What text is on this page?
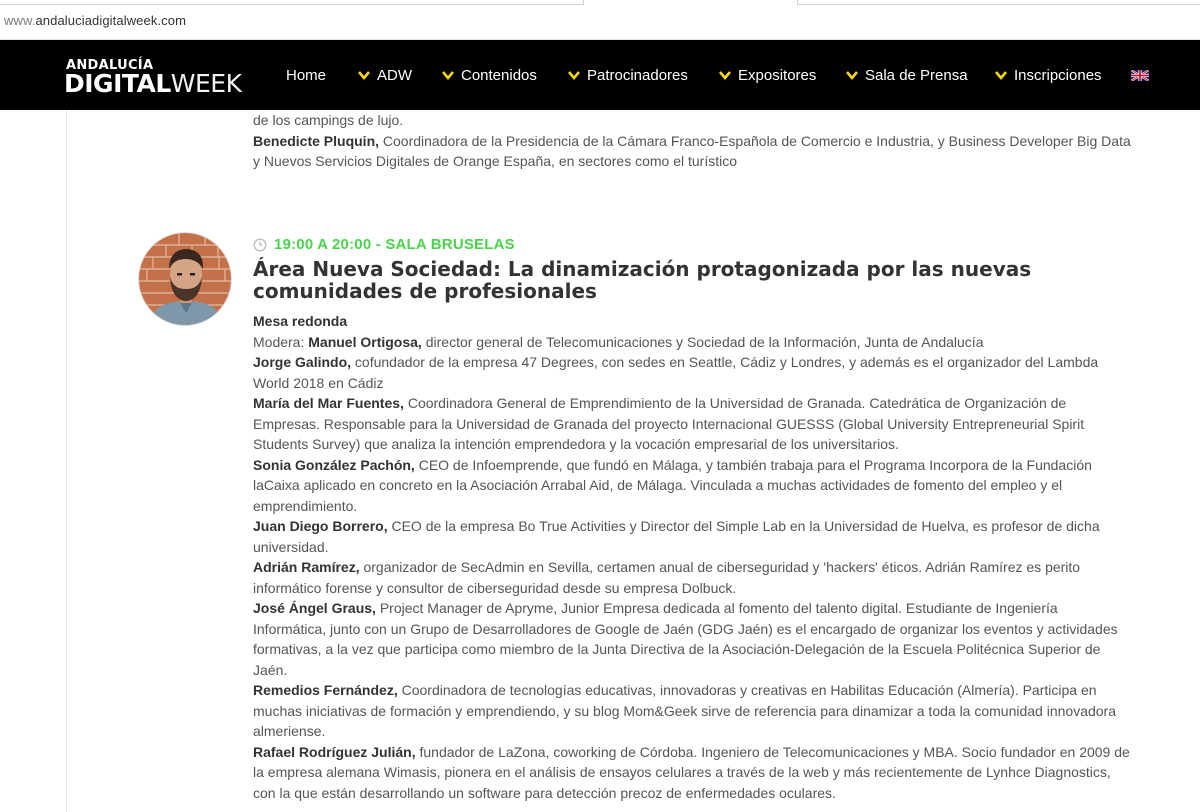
www.andaluciadigitalweek.com
ANDALUCÍA
DIGITALWEEK	Home	ADW	Contenidos	Patrocinadores	Expositores	Sala de Prensa	Inscripciones

de los campings de lujo.

Benedicte Pluquin, Coordinadora de la Presidencia de la Cámara Franco-Española de Comercio e Industria, y Business Developer Big Data y Nuevos Servicios Digitales de Orange España, en sectores como el turístico

19:00 A 20:00 - SALA BRUSELAS
Área Nueva Sociedad: La dinamización protagonizada por las nuevas comunidades de profesionales

Mesa redonda

Modera: Manuel Ortigosa, director general de Telecomunicaciones y Sociedad de la Información, Junta de Andalucía

Jorge Galindo, cofundador de la empresa 47 Degrees, con sedes en Seattle, Cádiz y Londres, y además es el organizador del Lambda World 2018 en Cádiz

María del Mar Fuentes, Coordinadora General de Emprendimiento de la Universidad de Granada. Catedrática de Organización de Empresas. Responsable para la Universidad de Granada del proyecto Internacional GUESSS (Global University Entrepreneurial Spirit Students Survey) que analiza la intención emprendedora y la vocación empresarial de los universitarios.

Sonia González Pachón, CEO de Infoemprende, que fundó en Málaga, y también trabaja para el Programa Incorpora de la Fundación laCaixa aplicado en concreto en la Asociación Arrabal Aid, de Málaga. Vinculada a muchas actividades de fomento del empleo y el emprendimiento.

Juan Diego Borrero, CEO de la empresa Bo True Activities y Director del Simple Lab en la Universidad de Huelva, es profesor de dicha universidad.

Adrián Ramírez, organizador de SecAdmin en Sevilla, certamen anual de ciberseguridad y 'hackers' éticos. Adrián Ramírez es perito informático forense y consultor de ciberseguridad desde su empresa Dolbuck.

José Ángel Graus, Project Manager de Apryme, Junior Empresa dedicada al fomento del talento digital. Estudiante de Ingeniería Informática, junto con un Grupo de Desarrolladores de Google de Jaén (GDG Jaén) es el encargado de organizar los eventos y actividades formativas, a la vez que participa como miembro de la Junta Directiva de la Asociación-Delegación de la Escuela Politécnica Superior de Jaén.

Remedios Fernández, Coordinadora de tecnologías educativas, innovadoras y creativas en Habilitas Educación (Almería). Participa en muchas iniciativas de formación y emprendiendo, y su blog Mom&Geek sirve de referencia para dinamizar a toda la comunidad innovadora almeriense.

Rafael Rodríguez Julián, fundador de LaZona, coworking de Córdoba. Ingeniero de Telecomunicaciones y MBA. Socio fundador en 2009 de la empresa alemana Wimasis, pionera en el análisis de ensayos celulares a través de la web y más recientemente de Lynhce Diagnostics, con la que están desarrollando un software para detección precoz de enfermedades oculares.
